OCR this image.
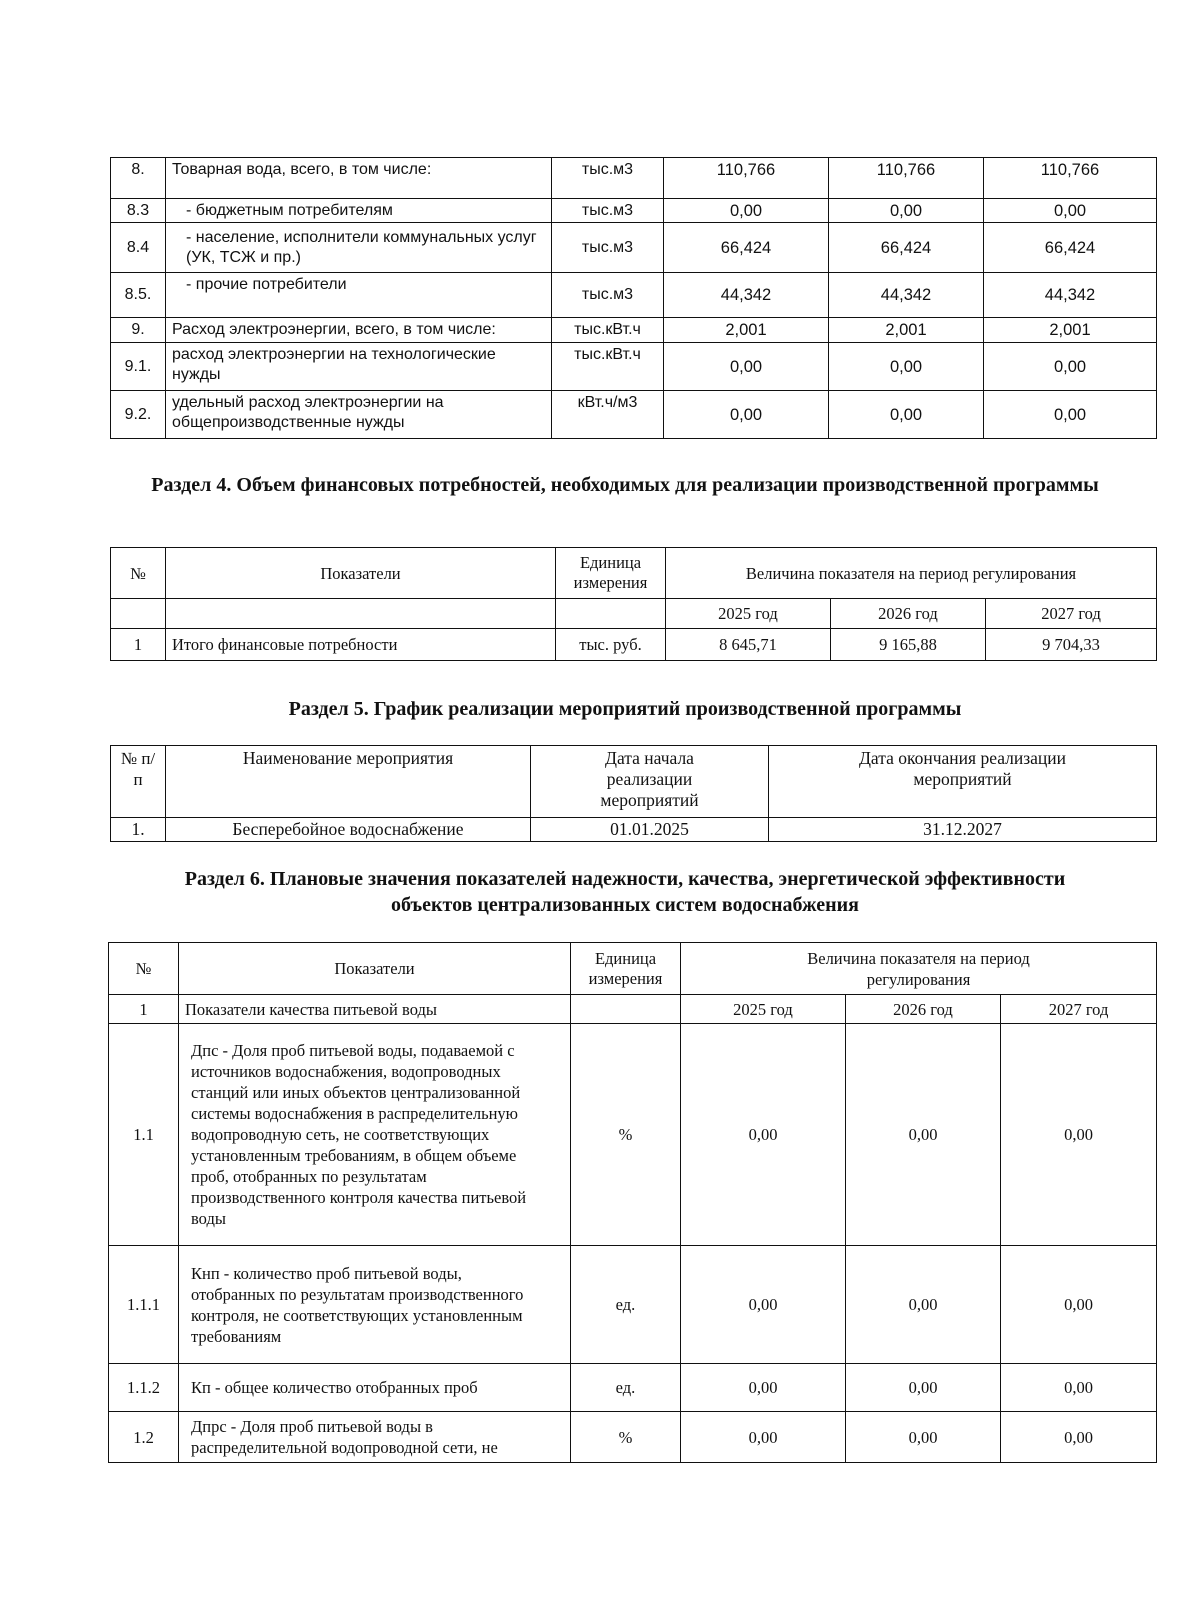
8.	Товарная вода, всего, в том числе:	тыс.м3	110,766	110,766	110,766
8.3	- бюджетным потребителям	тыс.м3	0,00	0,00	0,00
8.4	- население, исполнители коммунальных услуг (УК, ТСЖ и пр.)	тыс.м3	66,424	66,424	66,424
8.5.	- прочие потребители	тыс.м3	44,342	44,342	44,342
9.	Расход электроэнергии, всего, в том числе:	тыс.кВт.ч	2,001	2,001	2,001
9.1.	расход электроэнергии на технологические нужды	тыс.кВт.ч	0,00	0,00	0,00
9.2.	удельный расход электроэнергии на общепроизводственные нужды	кВт.ч/м3	0,00	0,00	0,00
Раздел 4. Объем финансовых потребностей, необходимых для реализации производственной программы
№	Показатели	Единица измерения	Величина показателя на период регулирования		
			2025 год	2026 год	2027 год
1	Итого финансовые потребности	тыс. руб.	8 645,71	9 165,88	9 704,33
Раздел 5. График реализации мероприятий производственной программы
№ п/п	Наименование мероприятия	Дата начала реализации мероприятий	Дата окончания реализации мероприятий
1.	Бесперебойное водоснабжение	01.01.2025	31.12.2027
Раздел 6. Плановые значения показателей надежности, качества, энергетической эффективности объектов централизованных систем водоснабжения
№	Показатели	Единица измерения	Величина показателя на период регулирования		
1	Показатели качества питьевой воды		2025 год	2026 год	2027 год
1.1	Дпс - Доля проб питьевой воды, подаваемой с источников водоснабжения, водопроводных станций или иных объектов централизованной системы водоснабжения в распределительную водопроводную сеть, не соответствующих установленным требованиям, в общем объеме проб, отобранных по результатам производственного контроля качества питьевой воды	%	0,00	0,00	0,00
1.1.1	Кнп - количество проб питьевой воды, отобранных по результатам производственного контроля, не соответствующих установленным требованиям	ед.	0,00	0,00	0,00
1.1.2	Кп - общее количество отобранных проб	ед.	0,00	0,00	0,00
1.2	Дпрс - Доля проб питьевой воды в распределительной водопроводной сети, не	%	0,00	0,00	0,00
